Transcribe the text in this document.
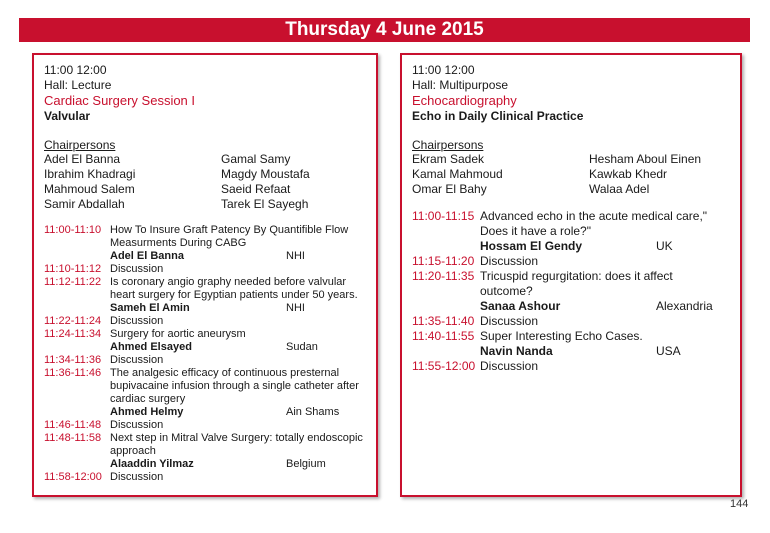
Thursday 4 June 2015
11:00 12:00
Hall: Lecture
Cardiac Surgery Session I
Valvular
Chairpersons
Adel El Banna	Gamal Samy
Ibrahim Khadragi	Magdy Moustafa
Mahmoud Salem	Saeid Refaat
Samir Abdallah	Tarek El Sayegh
11:00-11:10 How To Insure Graft Patency By Quantifible Flow
Measurments During CABG
Adel El Banna	NHI
11:10-11:12 Discussion
11:12-11:22 Is coronary angio graphy needed before valvular
heart surgery for Egyptian patients under 50 years.
Sameh El Amin	NHI
11:22-11:24 Discussion
11:24-11:34 Surgery for aortic aneurysm
Ahmed Elsayed	Sudan
11:34-11:36 Discussion
11:36-11:46 The analgesic efficacy of continuous presternal
bupivacaine infusion through a single catheter after
cardiac surgery
Ahmed Helmy	Ain Shams
11:46-11:48 Discussion
11:48-11:58 Next step in Mitral Valve Surgery: totally endoscopic
approach
Alaaddin Yilmaz	Belgium
11:58-12:00 Discussion
11:00 12:00
Hall: Multipurpose
Echocardiography
Echo in Daily Clinical Practice
Chairpersons
Ekram Sadek	Hesham Aboul Einen
Kamal Mahmoud	Kawkab Khedr
Omar El Bahy	Walaa Adel
11:00-11:15 Advanced echo in the acute medical care,"
Does it have a role?"
Hossam El Gendy	UK
11:15-11:20 Discussion
11:20-11:35 Tricuspid regurgitation: does it affect
outcome?
Sanaa Ashour	Alexandria
11:35-11:40 Discussion
11:40-11:55 Super Interesting Echo Cases.
Navin Nanda	USA
11:55-12:00 Discussion
144
